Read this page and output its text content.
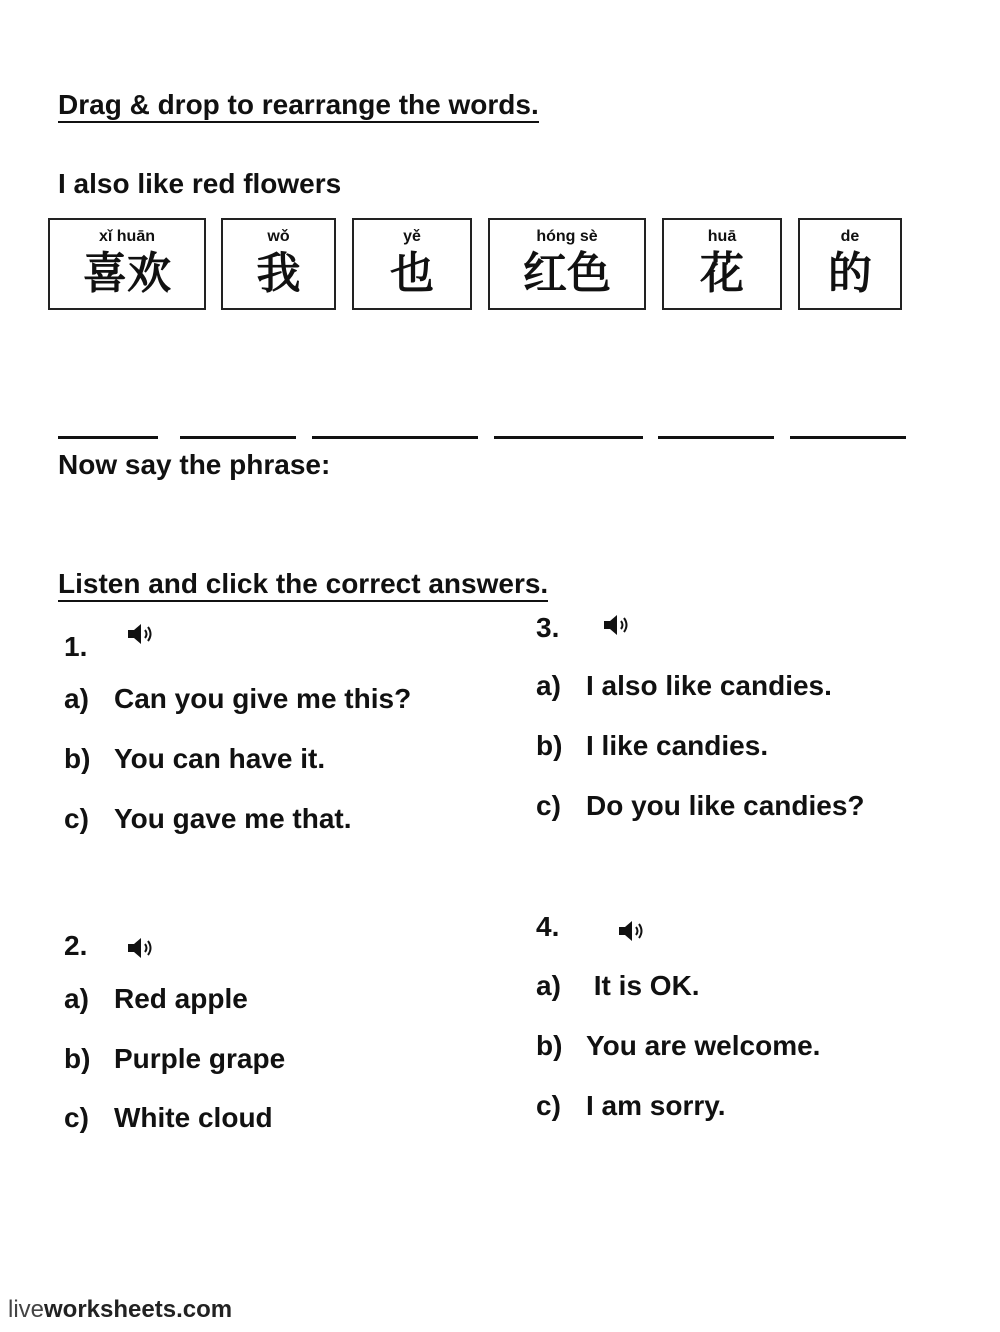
Drag & drop to rearrange the words.
I also like red flowers
xǐ huān
喜欢
wǒ
我
yě
也
hóng sè
红色
huā
花
de
的
Now say the phrase:
Listen and click the correct answers.
1.
a) Can you give me this?
b) You can have it.
c) You gave me that.
2.
a) Red apple
b) Purple grape
c) White cloud
3.
a) I also like candies.
b) I like candies.
c) Do you like candies?
4.
a) It is OK.
b) You are welcome.
c) I am sorry.
liveworksheets.com
